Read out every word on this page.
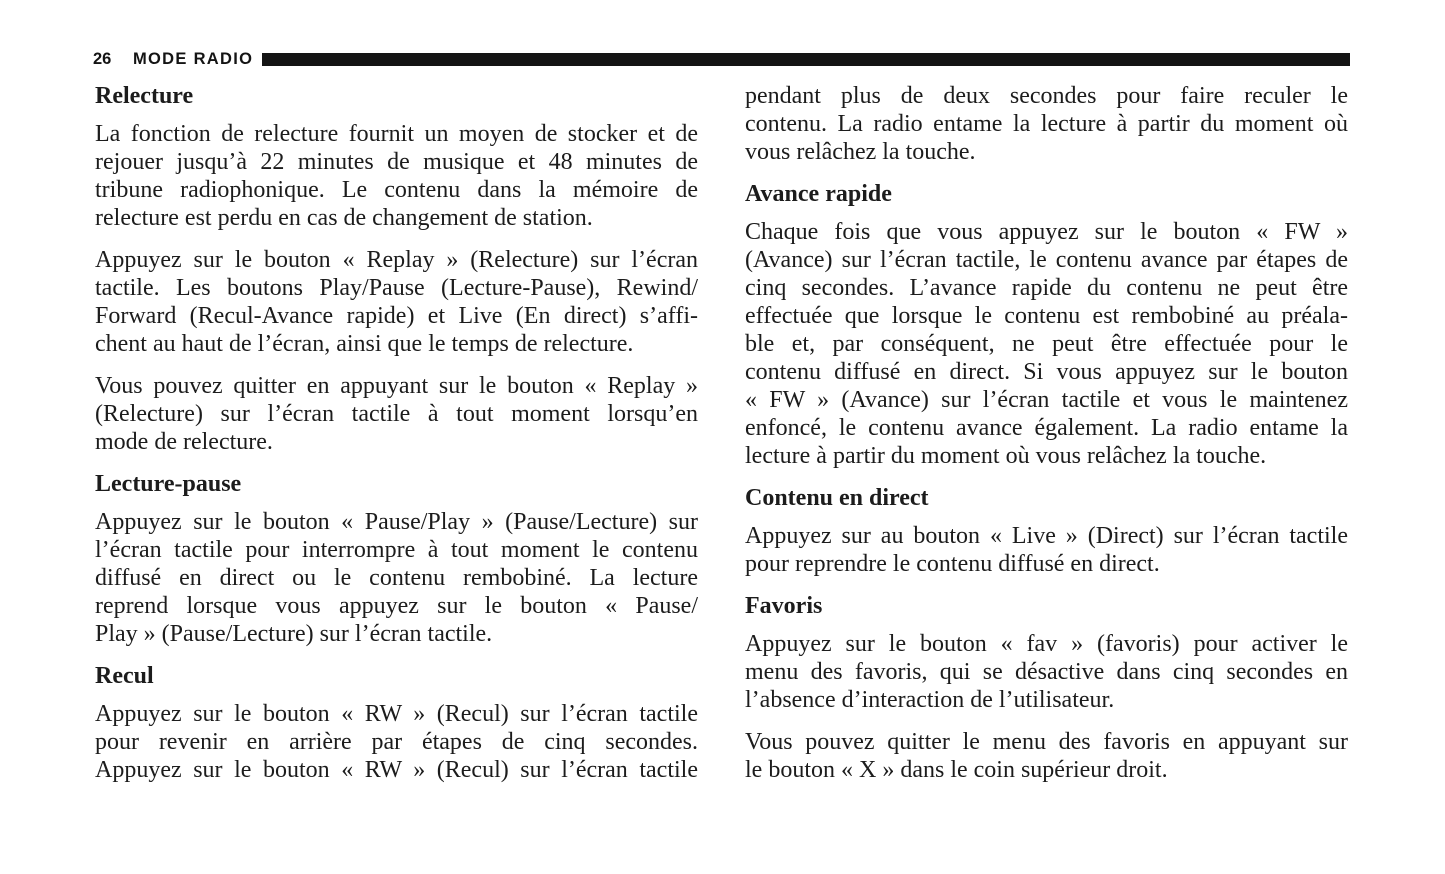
26 MODE RADIO
Relecture
La fonction de relecture fournit un moyen de stocker et de
rejouer jusqu’à 22 minutes de musique et 48 minutes de
tribune radiophonique. Le contenu dans la mémoire de
relecture est perdu en cas de changement de station.
Appuyez sur le bouton « Replay » (Relecture) sur l’écran
tactile. Les boutons Play/Pause (Lecture-Pause), Rewind/
Forward (Recul-Avance rapide) et Live (En direct) s’affi-
chent au haut de l’écran, ainsi que le temps de relecture.
Vous pouvez quitter en appuyant sur le bouton « Replay »
(Relecture) sur l’écran tactile à tout moment lorsqu’en
mode de relecture.
Lecture-pause
Appuyez sur le bouton « Pause/Play » (Pause/Lecture) sur
l’écran tactile pour interrompre à tout moment le contenu
diffusé en direct ou le contenu rembobiné. La lecture
reprend lorsque vous appuyez sur le bouton « Pause/
Play » (Pause/Lecture) sur l’écran tactile.
Recul
Appuyez sur le bouton « RW » (Recul) sur l’écran tactile
pour revenir en arrière par étapes de cinq secondes.
Appuyez sur le bouton « RW » (Recul) sur l’écran tactile
pendant plus de deux secondes pour faire reculer le
contenu. La radio entame la lecture à partir du moment où
vous relâchez la touche.
Avance rapide
Chaque fois que vous appuyez sur le bouton « FW »
(Avance) sur l’écran tactile, le contenu avance par étapes de
cinq secondes. L’avance rapide du contenu ne peut être
effectuée que lorsque le contenu est rembobiné au préala-
ble et, par conséquent, ne peut être effectuée pour le
contenu diffusé en direct. Si vous appuyez sur le bouton
« FW » (Avance) sur l’écran tactile et vous le maintenez
enfoncé, le contenu avance également. La radio entame la
lecture à partir du moment où vous relâchez la touche.
Contenu en direct
Appuyez sur au bouton « Live » (Direct) sur l’écran tactile
pour reprendre le contenu diffusé en direct.
Favoris
Appuyez sur le bouton « fav » (favoris) pour activer le
menu des favoris, qui se désactive dans cinq secondes en
l’absence d’interaction de l’utilisateur.
Vous pouvez quitter le menu des favoris en appuyant sur
le bouton « X » dans le coin supérieur droit.
